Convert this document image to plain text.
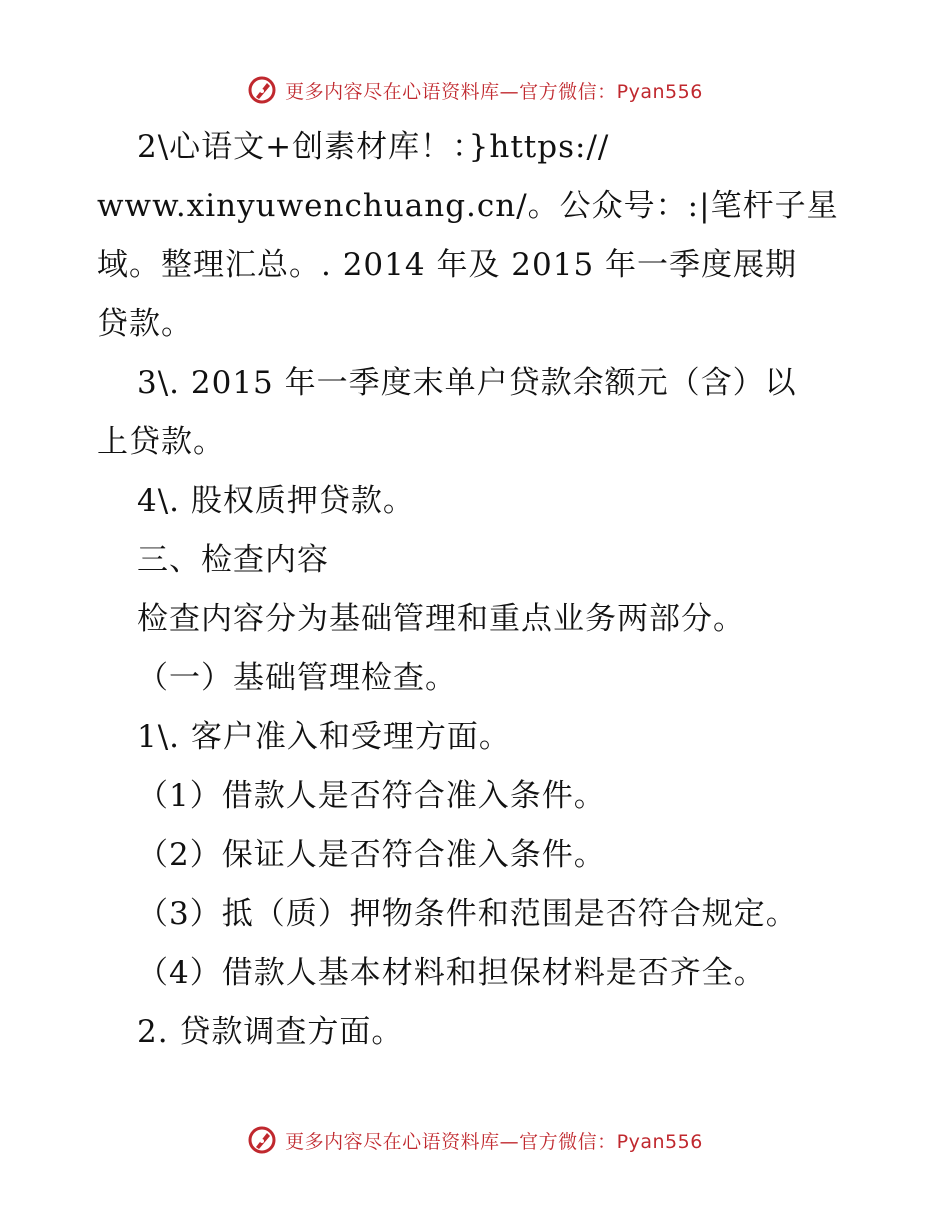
更多内容尽在心语资料库—官方微信：Pyan556
2\心语文+创素材库！：}https://
www.xinyuwenchuang.cn/。公众号：:|笔杆子星
域。整理汇总。. 2014 年及 2015 年一季度展期
贷款。
3\. 2015 年一季度末单户贷款余额元（含）以
上贷款。
4\. 股权质押贷款。
三、检查内容
检查内容分为基础管理和重点业务两部分。
（一）基础管理检查。
1\. 客户准入和受理方面。
（1）借款人是否符合准入条件。
（2）保证人是否符合准入条件。
（3）抵（质）押物条件和范围是否符合规定。
（4）借款人基本材料和担保材料是否齐全。
2. 贷款调查方面。
更多内容尽在心语资料库—官方微信：Pyan556
